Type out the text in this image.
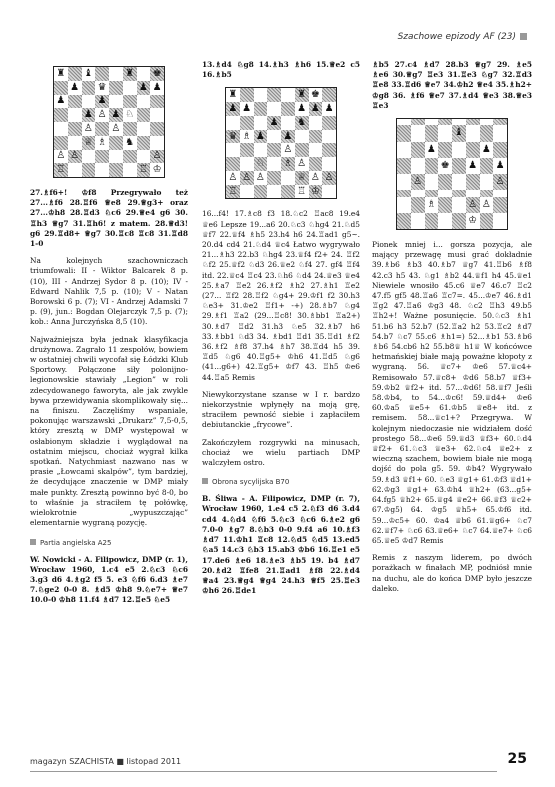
Szachowe epizody AF (23)
♜ ♝	♜ ♚
♟ ♛	♟ ♟
♟	♟
♟ ♙ ♟ ♘
♙ ♙
♕ ♗ ♞
♙ ♙	♙
♖	♖ ♔

27.♗f6+! ♔f8 Przegrywało też 27...♗f6 28.♖f6 ♕e8 29.♕g3+ oraz 27...♔h8 28.♖d3 ♘c6 29.♕e4 g6 30. ♖h3 ♕g7 31.♖h6! z matem. 28.♕d3! g6 29.♖d8+ ♕g7 30.♖c8 ♖c8 31.♖d8 1-0

Na kolejnych szachowniczach triumfowali: II - Wiktor Balcarek 8 p. (10), III - Andrzej Sydor 8 p. (10); IV - Edward Nahlik 7,5 p. (10); V - Natan Borowski 6 p. (7); VI - Andrzej Adamski 7 p. (9), jun.: Bogdan Olejarczyk 7,5 p. (7); kob.: Anna Jurczyńska 8,5 (10).

Najważniejsza była jednak klasyfikacja drużynowa. Zagrało 11 zespołów, bowiem w ostatniej chwili wycofał się Łódzki Klub Sportowy. Połączone siły polonijno-legionowskie stawiały „Legion” w roli zdecydowanego faworyta, ale jak zwykle bywa przewidywania skomplikowały się... na finiszu. Zaczęliśmy wspaniale, pokonując warszawski „Drukarz” 7,5-0,5, który zresztą w DMP występował w osłabionym składzie i wyglądował na ostatnim miejscu, chociaż wygrał kilka spotkań. Natychmiast nazwano nas w prasie „Łowcami skalpów”, tym bardziej, że decydujące znaczenie w DMP miały małe punkty. Zresztą powinno być 8-0, bo to właśnie ja straciłem tę połówkę, wielokrotnie „wypuszczając” elementarnie wygraną pozycję.

Partia angielska A25

W. Nowicki - A. Filipowicz, DMP (r. 1), Wrocław 1960, 1.c4 e5 2.♘c3 ♘c6 3.g3 d6 4.♗g2 f5 5. e3 ♘f6 6.d3 ♗e7 7.♘ge2 0-0 8. ♗d5 ♔h8 9.♘e7+ ♕e7 10.0-0 ♔h8 11.f4 ♗d7 12.♖e5 ♘e5

13.♗d4 ♘g8 14.♗h3 ♗h6 15.♕e2 c5 16.♗b5

♜	♜ ♚
♟ ♟	♟ ♟ ♟
♟ ♞
♛ ♗ ♟ ♟
♙
♘ ♗ ♙
♙ ♙ ♙	♕ ♙ ♙
♖	♖ ♔

16...f4! 17.♗c8 f3 18.♘c2 ♖ac8 19.e4 ♕e6 Lepsze 19...a6 20.♘c3 ♘hg4 21.♘d5 ♕f7 22.♕f4 ♗h5 23.h4 h6 24.♖ad1 g5~. 20.d4 cd4 21.♘d4 ♕c4 Łatwo wygrywało 21...♗h3 22.b3 ♘hg4 23.♕f4 f2+ 24. ♖f2 ♘f2 25.♕f2 ♘d3 26.♕e2 ♘f4 27. gf4 ♖f4 itd. 22.♕c4 ♖c4 23.♘h6 ♘d4 24.♕e3 ♕e4 25.♗a7 ♖e2 26.♗f2 ♗h2 27.♗h1 ♖e2 (27... ♖f2 28.♖f2 ♘g4+ 29.♔f1 f2 30.h3 ♘e3+ 31.♔e2 ♖f1+ -+) 28.♗b7 ♘g4 29.♗f1 ♖a2 (29...♖c8! 30.♗bb1 ♖a2+) 30.♗d7 ♖d2 31.h3 ♘e5 32.♗b7 h6 33.♗bb1 ♘d3 34. ♗bd1 ♖d1 35.♖d1 ♗f2 36.♗f2 ♗f8 37.h4 ♗h7 38.♖d4 h5 39. ♖d5 ♘g6 40.♖g5+ ♔h6 41.♖d5 ♘g6 (41...g6+) 42.♖g5+ ♔f7 43. ♖h5 ♔e6 44.♖a5 Remis

Niewykorzystane szanse w I r. bardzo niekorzystnie wpłynęły na moją grę, straciłem pewność siebie i zapłaciłem debiutanckie „frycowe”.

Zakończyłem rozgrywki na minusach, chociaż we wielu partiach DMP walczyłem ostro.

Obrona sycylijska B70

B. Śliwa - A. Filipowicz, DMP (r. 7), Wrocław 1960, 1.e4 c5 2.♘f3 d6 3.d4 cd4 4.♘d4 ♘f6 5.♘c3 ♘c6 6.♗e2 g6 7.0-0 ♗g7 8.♘b3 0-0 9.f4 a6 10.♗f3 ♗d7 11.♔h1 ♖c8 12.♘d5 ♘d5 13.ed5 ♘a5 14.c3 ♘b3 15.ab3 ♔b6 16.♖e1 e5 17.de6 ♗e6 18.♗e3 ♗b5 19. b4 ♗d7 20.♗d2 ♖fe8 21.♖ad1 ♗f8 22.♗d4 ♕a4 23.♕g4 ♕g4 24.h3 ♕f5 25.♖e3 ♔h6 26.♖de1

♗b5 27.c4 ♗d7 28.b3 ♕g7 29. ♗e5 ♗e6 30.♕g7 ♖e3 31.♖e3 ♘g7 32.♖d3 ♖e8 33.♖d6 ♕e7 34.♔h2 ♕e4 35.♗h2+ ♔g8 36. ♗f6 ♕e7 37.♗d4 ♕e3 38.♕e3 ♖e3

♝
♟	♟
♚ ♟ ♟
♙	♙
♗	♙ ♙
♔

Pionek mniej i... gorsza pozycja, ale mający przewagę musi grać dokładnie 39.♗b6 ♗b3 40.♗b7 ♕g7 41.♖b6 ♗f8 42.c3 h5 43. ♘g1 ♗b2 44.♕f1 h4 45.♕e1 Niewiele wnosiło 45.c6 ♕e7 46.c7 ♖c2 47.f5 gf5 48.♖a6 ♖c7=. 45...♔e7 46.♗d1 ♖g2 47.♖a6 ♔g3 48. ♘c2 ♖h3 49.b5 ♖h2+! Ważne posunięcie. 50.♘c3 ♗h1 51.b6 h3 52.b7 (52.♖a2 h2 53.♖c2 ♗d7 54.b7 ♘c7 55.c6 ♗h1=) 52...♗b1 53.♗b6 ♗b6 54.cb6 h2 55.b8♕ h1♕ W końcówce hetmańskiej białe mają poważne kłopoty z wygraną. 56. ♕c7+ ♔e6 57.♕c4+ Remisowało 57.♕c8+ ♔d6 58.b7 ♕f3+ 59.♔b2 ♕f2+ itd. 57...♔d6! 58.♕f7 Jeśli 58.♔b4, to 54...♔c6! 59.♕d4+ ♔e6 60.♔a5 ♕e5+ 61.♔b5 ♕e8+ itd. z remisem. 58...♕c1+? Przegrywa. W kolejnym niedoczasie nie widziałem dość prostego 58...♔e6 59.♕d3 ♕f3+ 60.♘d4 ♕f2+ 61.♘c3 ♕e3+ 62.♘c4 ♕e2+ z wieczną szachem, bowiem białe nie mogą dojść do pola g5. 59. ♔b4? Wygrywało 59.♗d3 ♕f1+ 60. ♘e3 ♕g1+ 61.♔f3 ♕d1+ 62.♔g3 ♕g1+ 63.♔h4 ♕h2+ (63...g5+ 64.fg5 ♕h2+ 65.♕g4 ♕e2+ 66.♕f3 ♕c2+ 67.♔g5) 64. ♔g5 ♕h5+ 65.♔f6 itd. 59...♔c5+ 60. ♔a4 ♕b6 61.♕g6+ ♘c7 62.♕f7+ ♘c6 63.♕e6+ ♘c7 64.♕e7+ ♘c6 65.♕e5 ♔d7 Remis

Remis z naszym liderem, po dwóch porażkach w finałach MP, podniósł mnie na duchu, ale do końca DMP było jeszcze daleko.

magazyn SZACHISTA ■ listopad 2011	25
